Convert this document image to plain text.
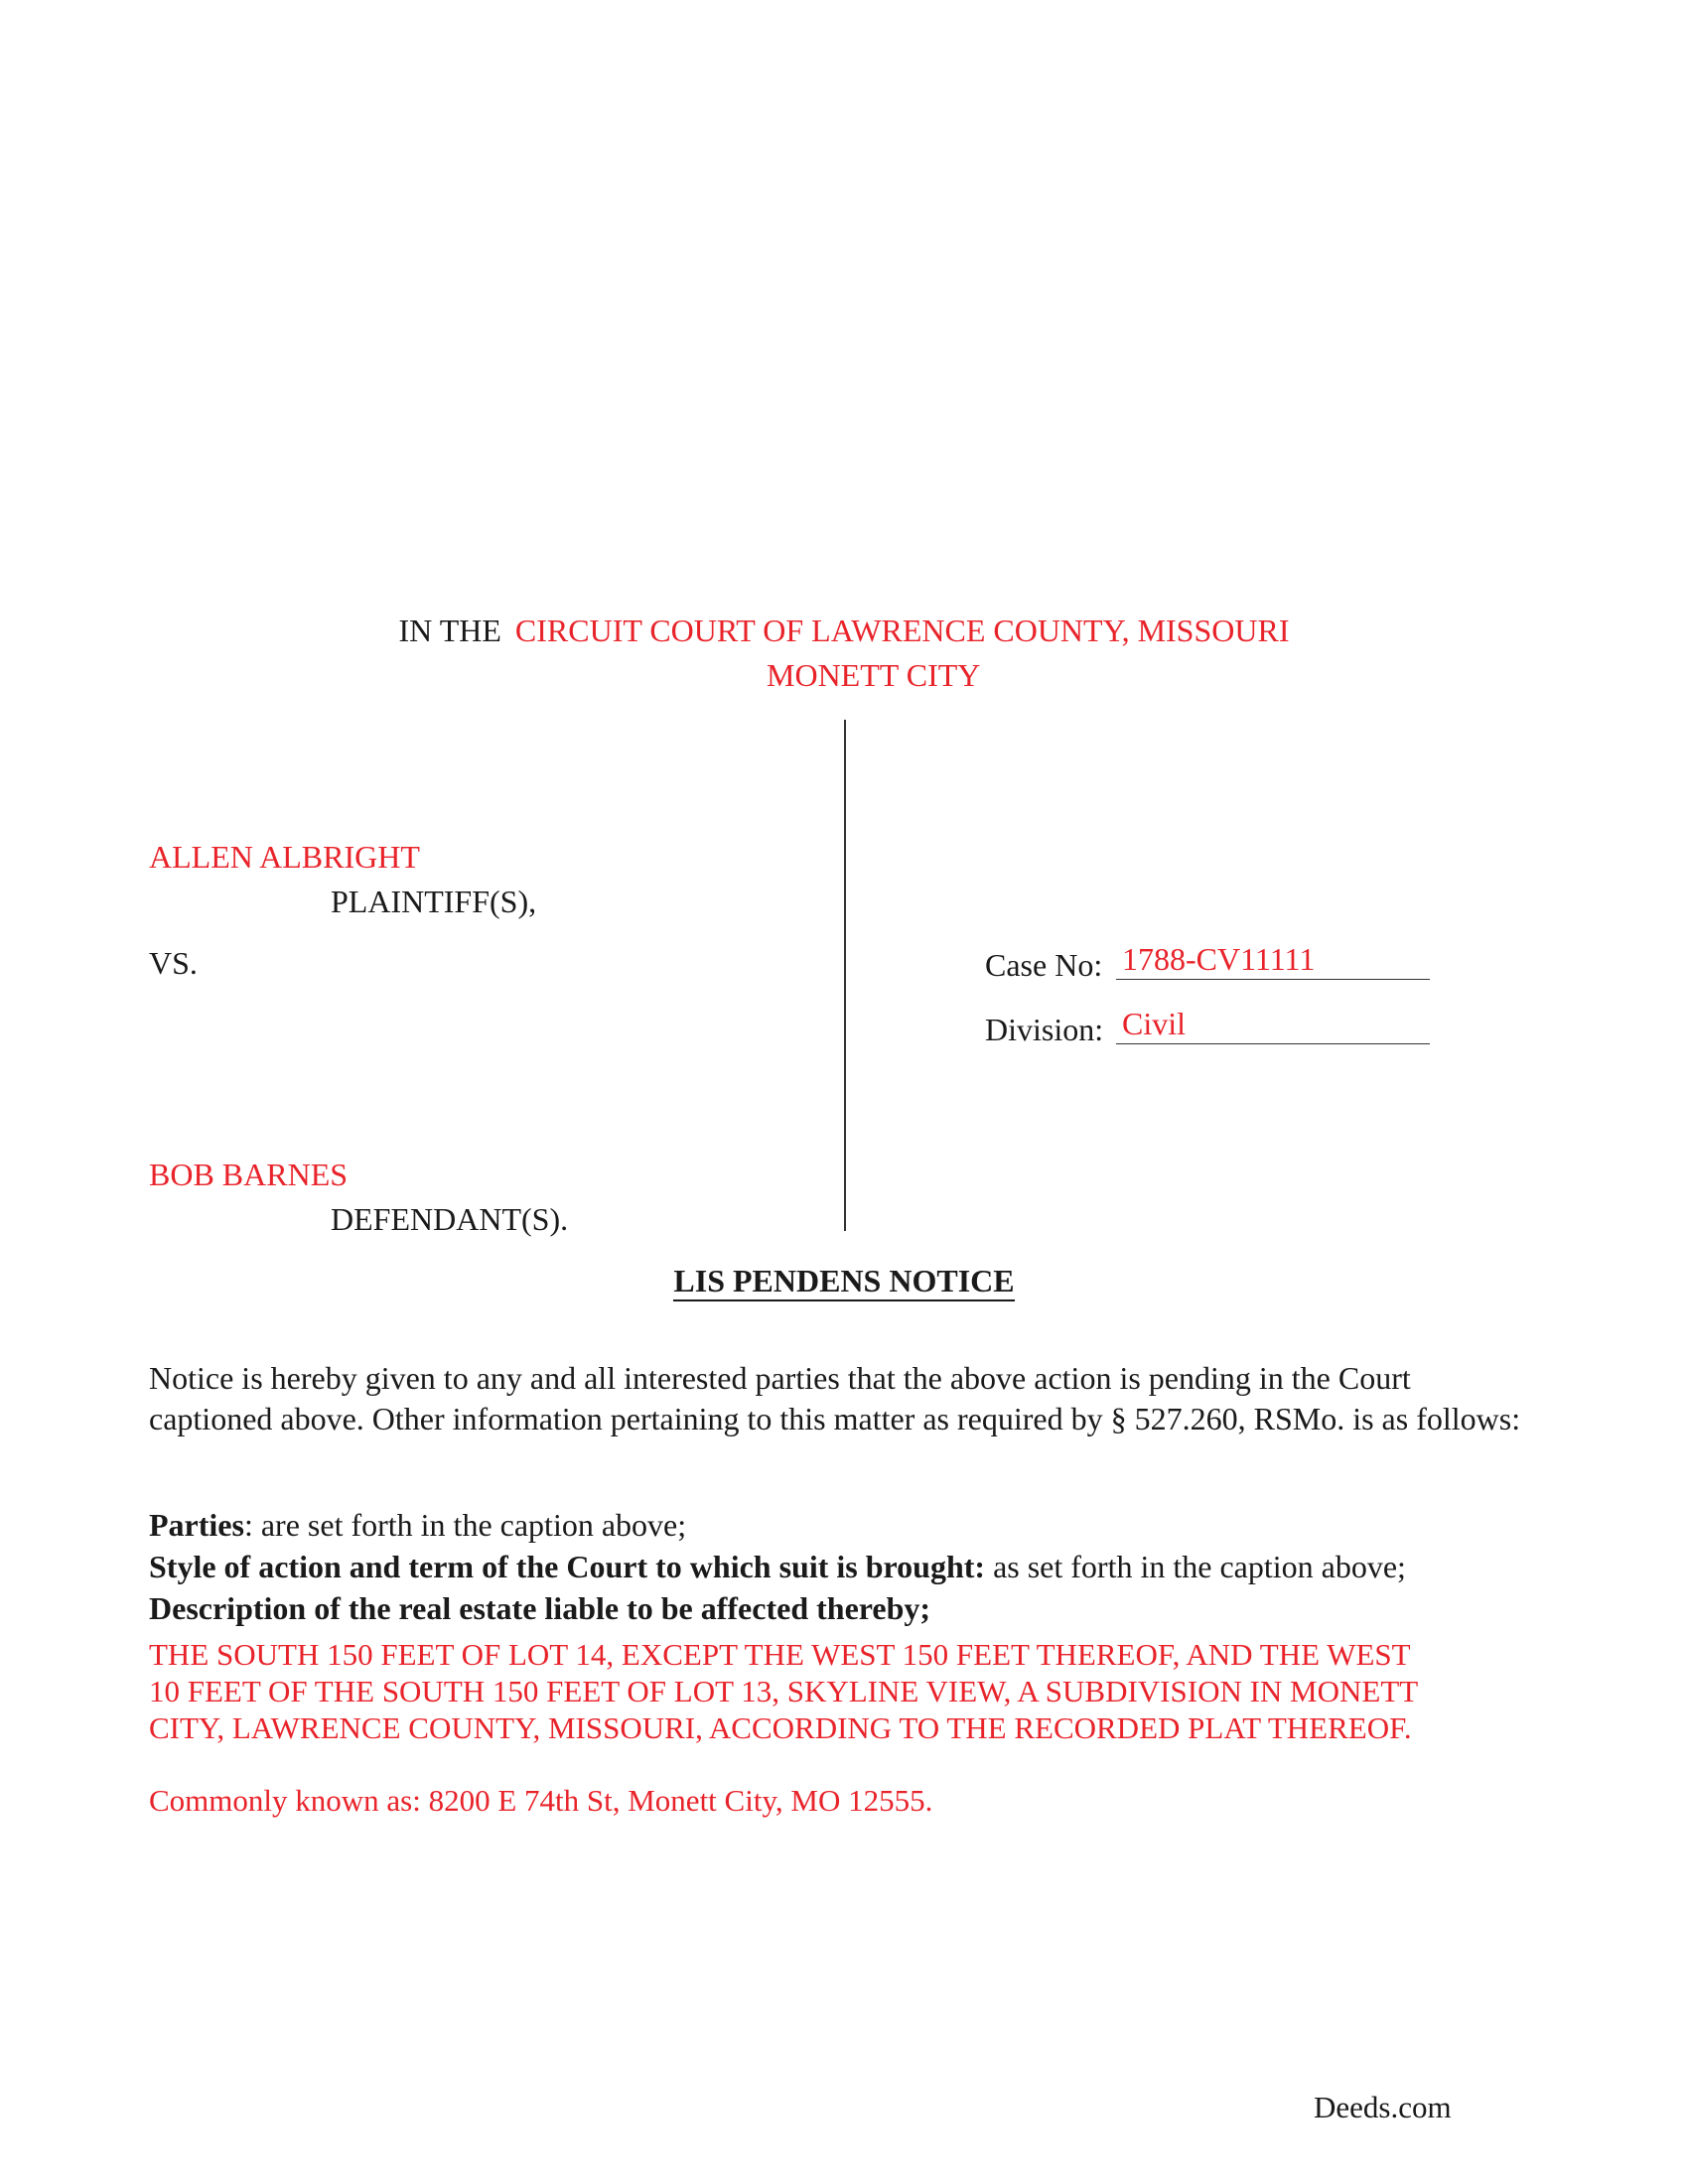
IN THE CIRCUIT COURT OF LAWRENCE COUNTY, MISSOURI
MONETT CITY
ALLEN ALBRIGHT
PLAINTIFF(S),
VS.
BOB BARNES
DEFENDANT(S).
Case No: 1788-CV11111
Division: Civil
LIS PENDENS NOTICE
Notice is hereby given to any and all interested parties that the above action is pending in the Court captioned above. Other information pertaining to this matter as required by § 527.260, RSMo. is as follows:
Parties: are set forth in the caption above;
Style of action and term of the Court to which suit is brought: as set forth in the caption above;
Description of the real estate liable to be affected thereby;
THE SOUTH 150 FEET OF LOT 14, EXCEPT THE WEST 150 FEET THEREOF, AND THE WEST
10 FEET OF THE SOUTH 150 FEET OF LOT 13, SKYLINE VIEW, A SUBDIVISION IN MONETT
CITY, LAWRENCE COUNTY, MISSOURI, ACCORDING TO THE RECORDED PLAT THEREOF.
Commonly known as: 8200 E 74th St, Monett City, MO 12555.
Deeds.com
